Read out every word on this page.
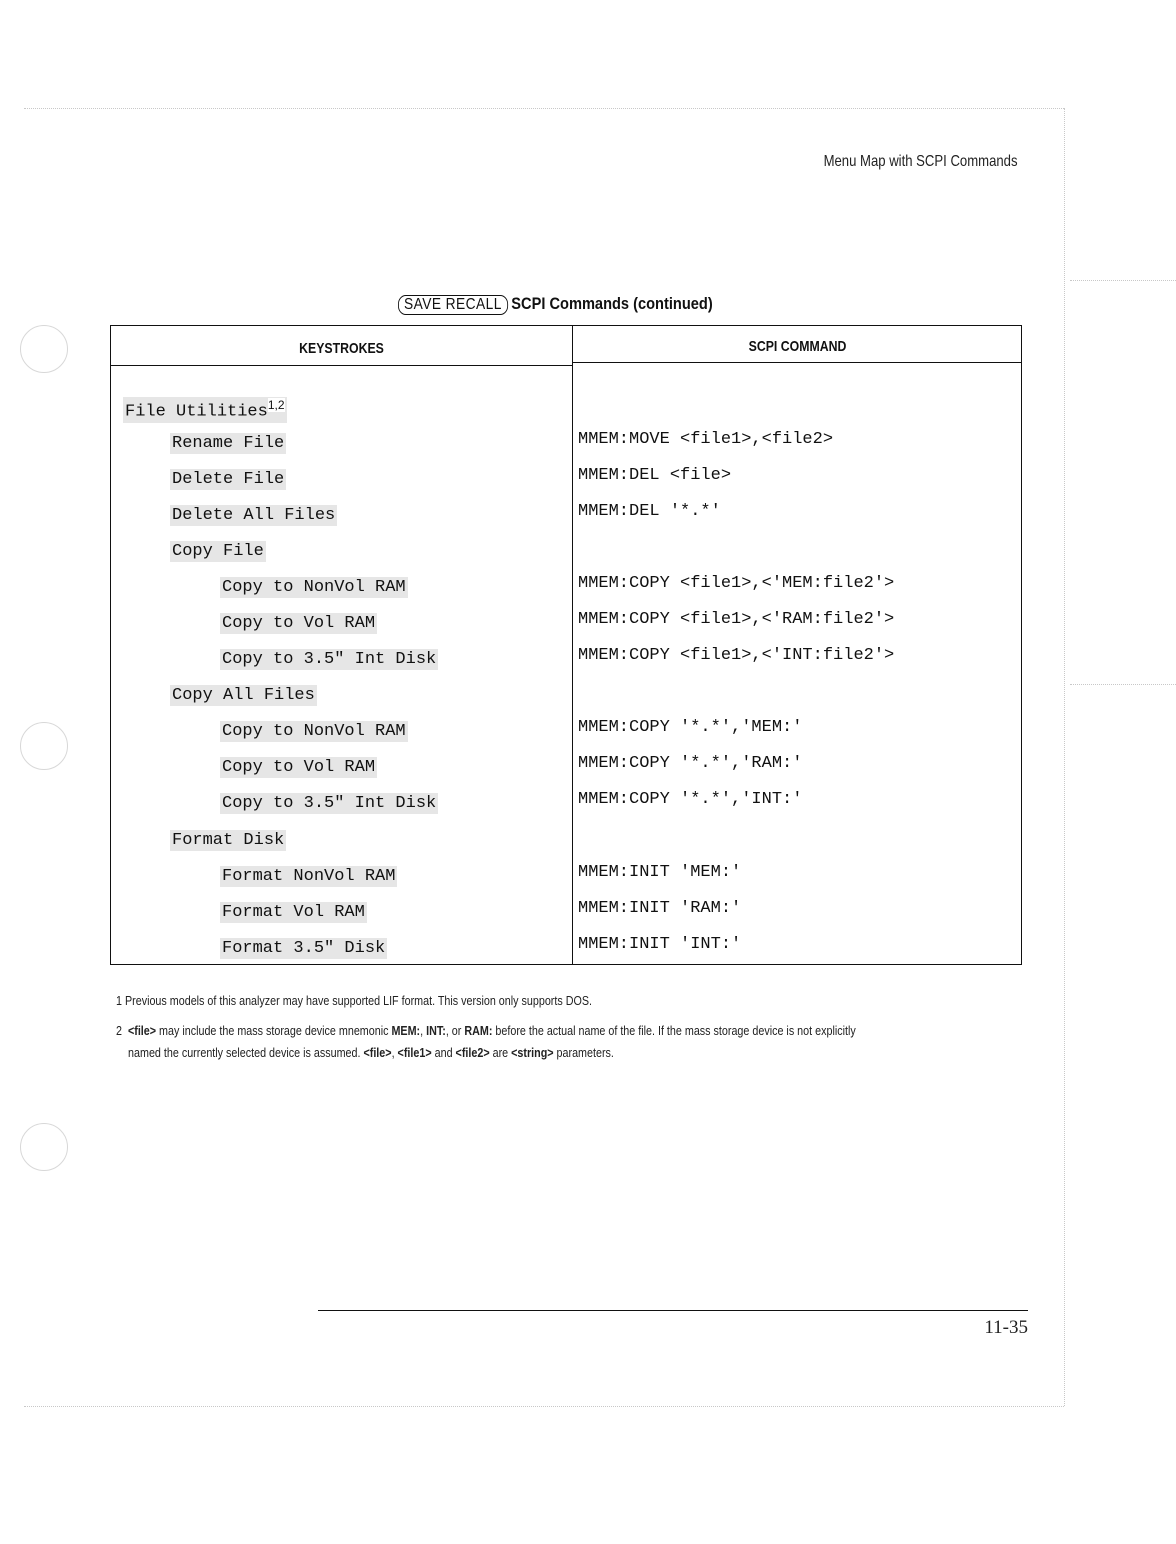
Menu Map with SCPI Commands
SAVE RECALL SCPI Commands (continued)
KEYSTROKES	SCPI COMMAND
File Utilities$^{1,2}$
Rename File	MMEM:MOVE <file1>,<file2>
Delete File	MMEM:DEL <file>
Delete All Files	MMEM:DEL '*.*'
Copy File
Copy to NonVol RAM	MMEM:COPY <file1>,<'MEM:file2'>
Copy to Vol RAM	MMEM:COPY <file1>,<'RAM:file2'>
Copy to 3.5" Int Disk	MMEM:COPY <file1>,<'INT:file2'>
Copy All Files
Copy to NonVol RAM	MMEM:COPY '*.*','MEM:'
Copy to Vol RAM	MMEM:COPY '*.*','RAM:'
Copy to 3.5" Int Disk	MMEM:COPY '*.*','INT:'
Format Disk
Format NonVol RAM	MMEM:INIT 'MEM:'
Format Vol RAM	MMEM:INIT 'RAM:'
Format 3.5" Disk	MMEM:INIT 'INT:'
1 Previous models of this analyzer may have supported LIF format. This version only supports DOS.
2 <file> may include the mass storage device mnemonic MEM:, INT:, or RAM: before the actual name of the file. If the mass storage device is not explicitly
named the currently selected device is assumed. <file>, <file1> and <file2> are <string> parameters.
11-35
